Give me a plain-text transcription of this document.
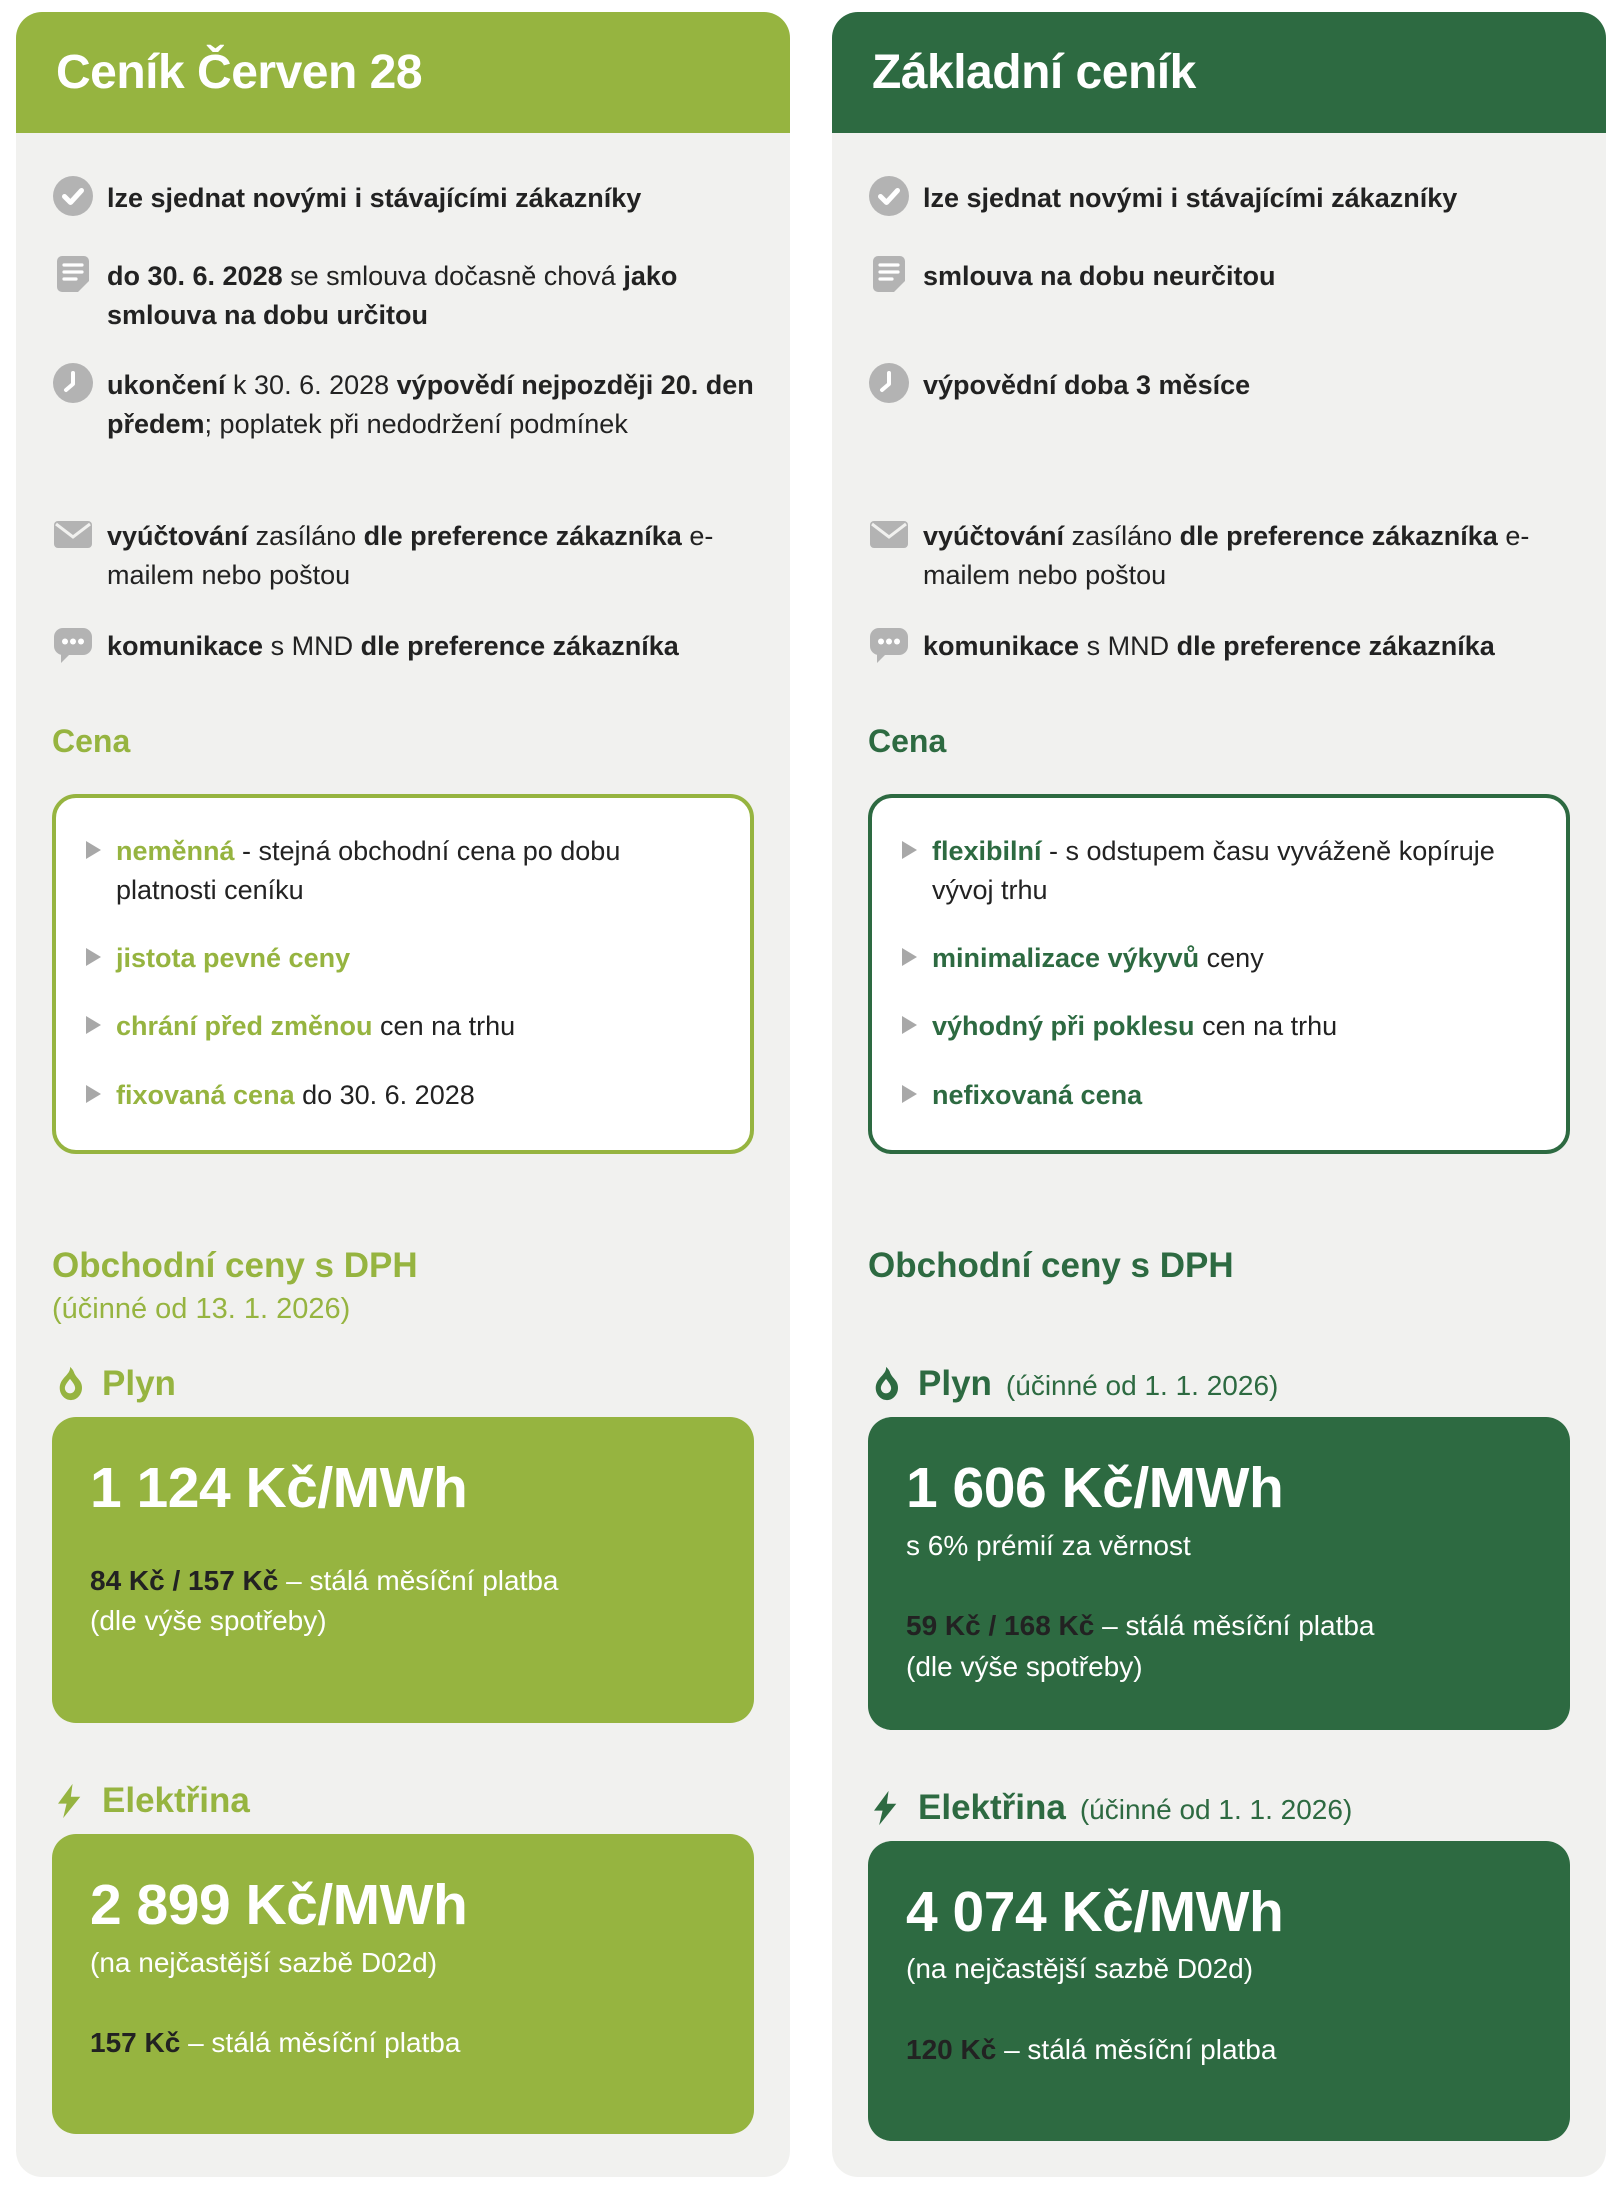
Ceník Červen 28
lze sjednat novými i stávajícími zákazníky
do 30. 6. 2028 se smlouva dočasně chová jako smlouva na dobu určitou
ukončení k 30. 6. 2028 výpovědí nejpozději 20. den předem; poplatek při nedodržení podmínek
vyúčtování zasíláno dle preference zákazníka e-mailem nebo poštou
komunikace s MND dle preference zákazníka
Cena
neměnná - stejná obchodní cena po dobu platnosti ceníku
jistota pevné ceny
chrání před změnou cen na trhu
fixovaná cena do 30. 6. 2028
Obchodní ceny s DPH
(účinné od 13. 1. 2026)
Plyn
1 124 Kč/MWh
84 Kč / 157 Kč – stálá měsíční platba
(dle výše spotřeby)
Elektřina
2 899 Kč/MWh
(na nejčastější sazbě D02d)
157 Kč – stálá měsíční platba
Základní ceník
lze sjednat novými i stávajícími zákazníky
smlouva na dobu neurčitou
výpovědní doba 3 měsíce
vyúčtování zasíláno dle preference zákazníka e-mailem nebo poštou
komunikace s MND dle preference zákazníka
Cena
flexibilní - s odstupem času vyváženě kopíruje vývoj trhu
minimalizace výkyvů ceny
výhodný při poklesu cen na trhu
nefixovaná cena
Obchodní ceny s DPH
Plyn (účinné od 1. 1. 2026)
1 606 Kč/MWh
s 6% prémií za věrnost
59 Kč / 168 Kč – stálá měsíční platba
(dle výše spotřeby)
Elektřina (účinné od 1. 1. 2026)
4 074 Kč/MWh
(na nejčastější sazbě D02d)
120 Kč – stálá měsíční platba
